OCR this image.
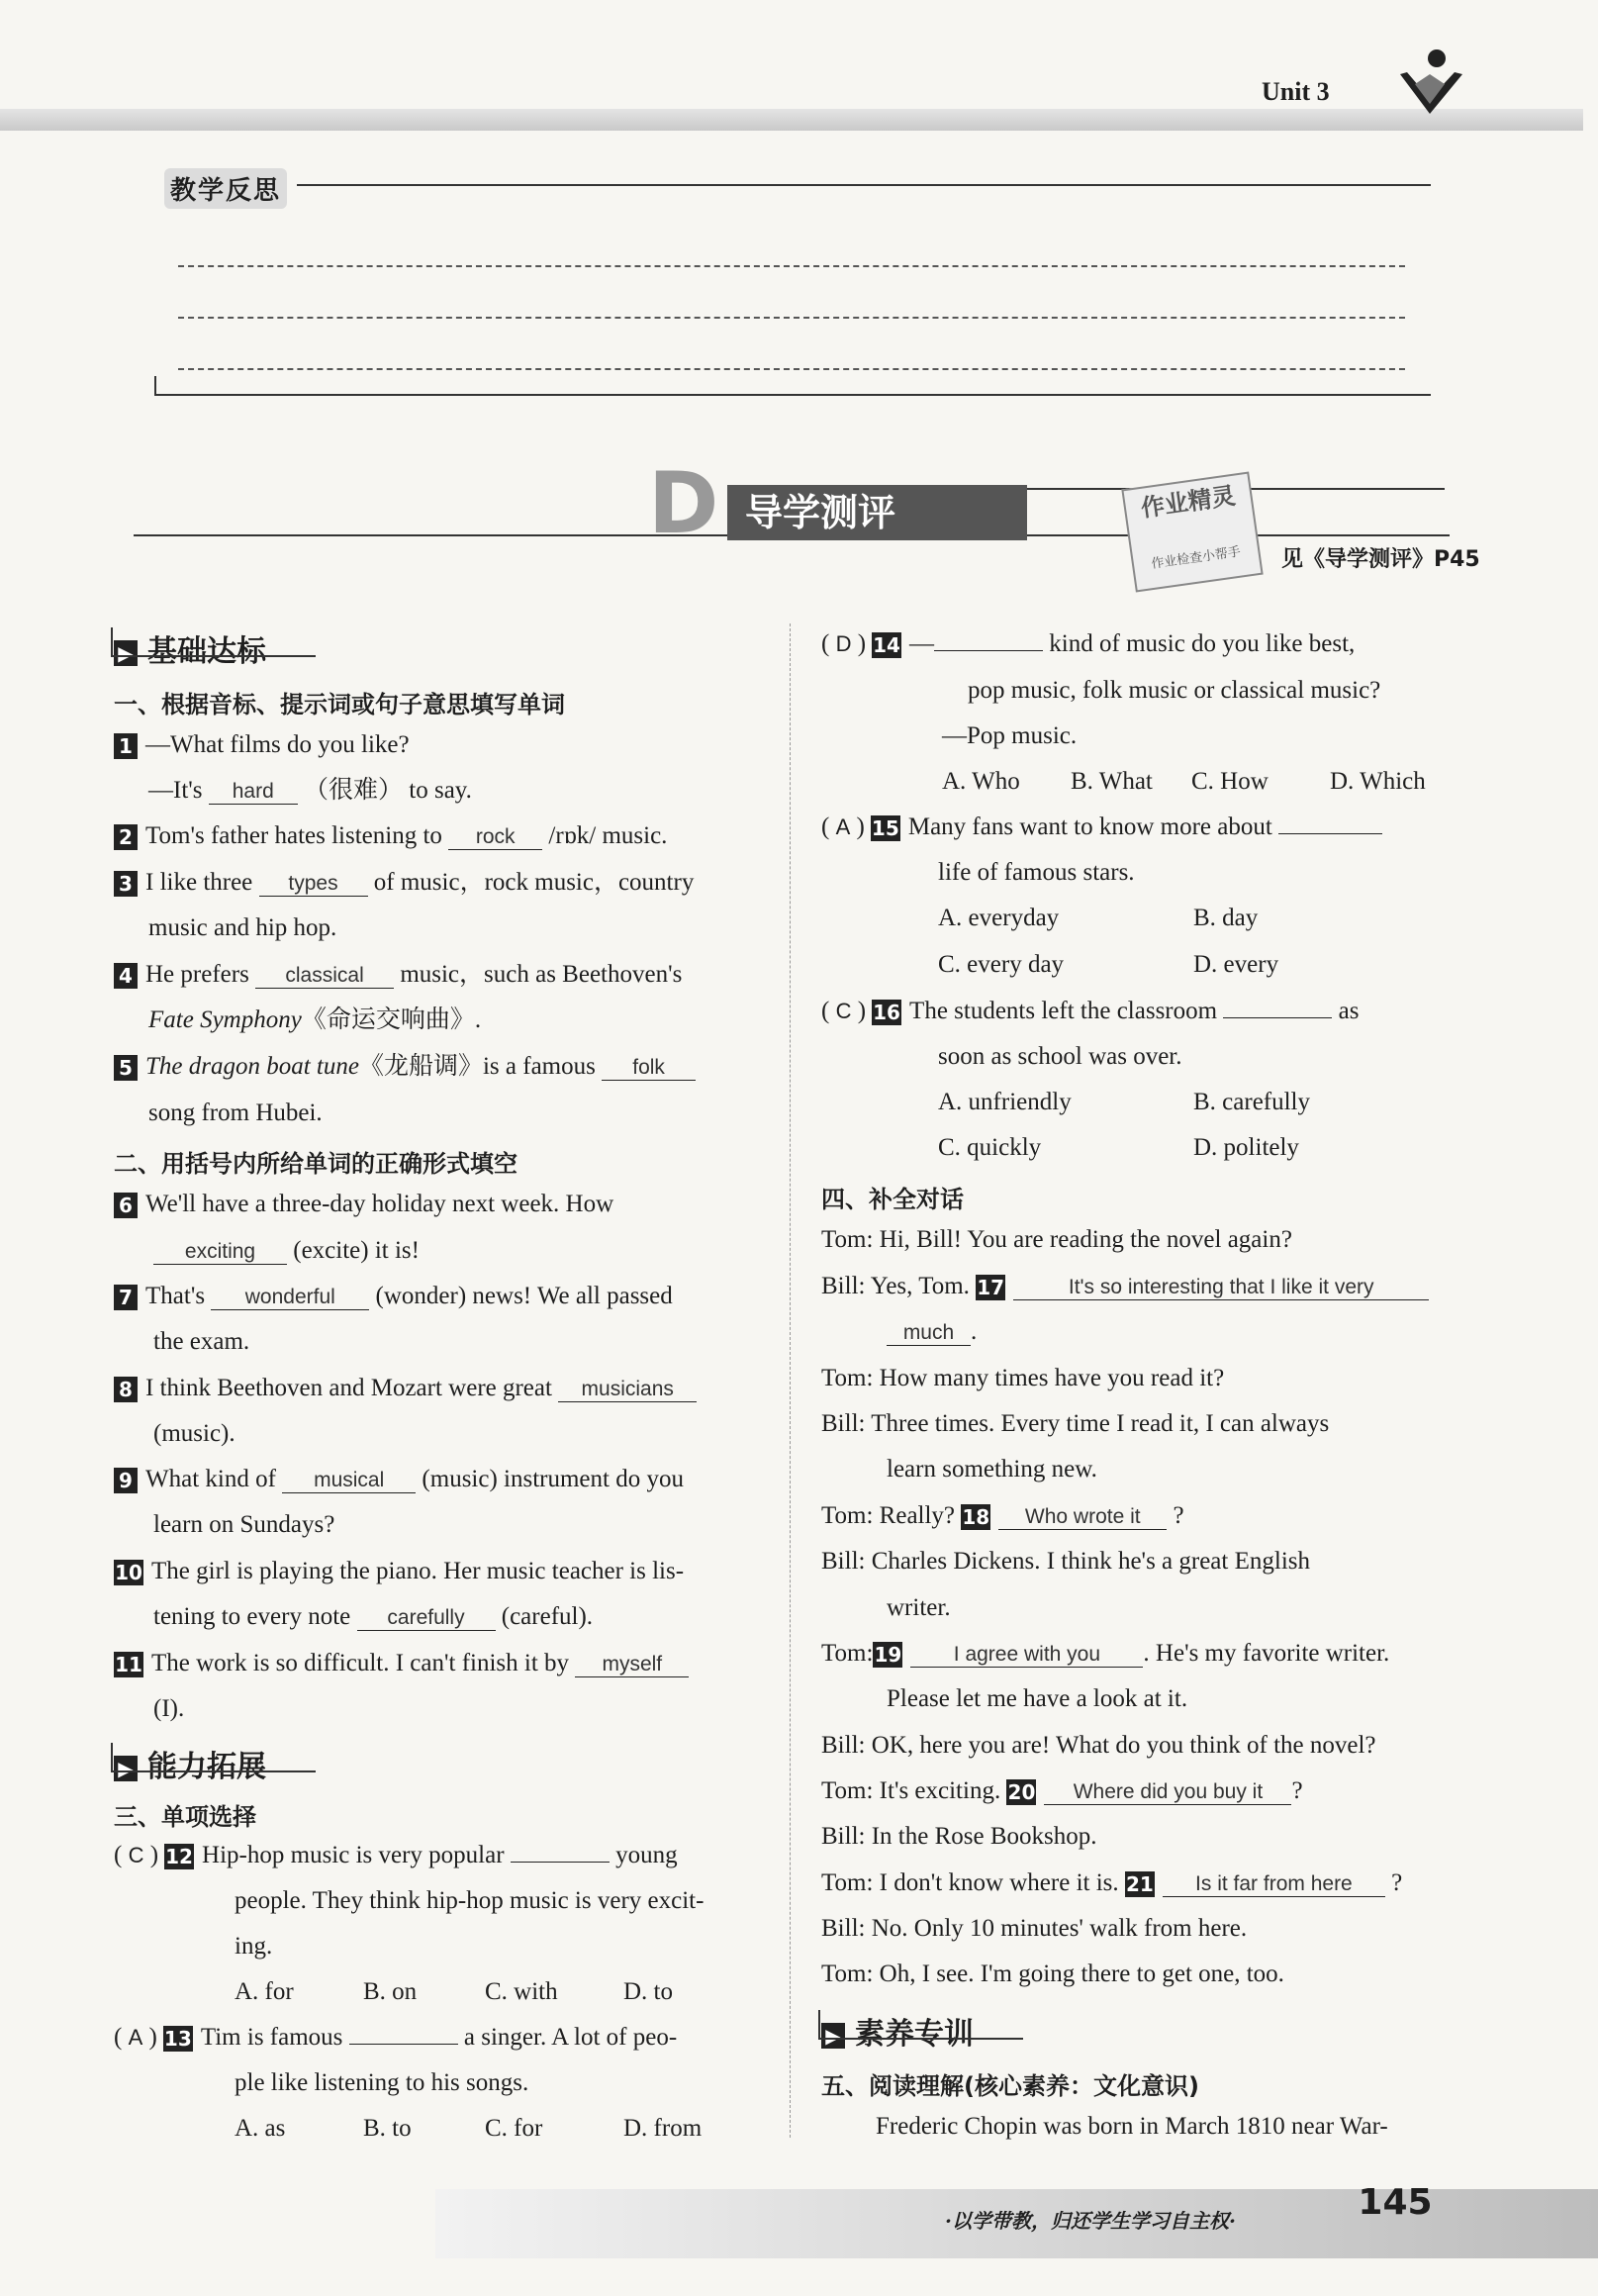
Unit 3
教学反思
D 导学测评	作业精灵
作业检查小帮手	见《导学测评》P45
▶ 基础达标
一、根据音标、提示词或句子意思填写单词
1 —What films do you like?
—It's hard （很难） to say.
2 Tom's father hates listening to rock /rɒk/ music.
3 I like three types of music，rock music，country
music and hip hop.
4 He prefers classical music，such as Beethoven's
Fate Symphony《命运交响曲》.
5 The dragon boat tune《龙船调》is a famous folk
song from Hubei.
二、用括号内所给单词的正确形式填空
6 We'll have a three-day holiday next week. How
exciting (excite) it is!
7 That's wonderful (wonder) news! We all passed
the exam.
8 I think Beethoven and Mozart were great musicians
(music).
9 What kind of musical (music) instrument do you
learn on Sundays?
10 The girl is playing the piano. Her music teacher is lis-
tening to every note carefully (careful).
11 The work is so difficult. I can't finish it by myself
(I).
▶ 能力拓展
三、单项选择
( C ) 12 Hip-hop music is very popular	young
people. They think hip-hop music is very excit-
ing.
A. for	B. on	C. with	D. to
( A ) 13 Tim is famous	a singer. A lot of peo-
ple like listening to his songs.
A. as	B. to	C. for	D. from
( D ) 14 —	kind of music do you like best,
pop music, folk music or classical music?
—Pop music.
A. Who B. What C. How D. Which
( A ) 15 Many fans want to know more about
life of famous stars.
A. everyday	B. day
C. every day	D. every
( C ) 16 The students left the classroom	as
soon as school was over.
A. unfriendly	B. carefully
C. quickly	D. politely
四、补全对话
Tom: Hi, Bill! You are reading the novel again?
Bill: Yes, Tom. 17	It's so interesting that I like it very
much .
Tom: How many times have you read it?
Bill: Three times. Every time I read it, I can always
learn something new.
Tom: Really? 18 Who wrote it ?
Bill: Charles Dickens. I think he's a great English
writer.
Tom:19 I agree with you . He's my favorite writer.
Please let me have a look at it.
Bill: OK, here you are! What do you think of the novel?
Tom: It's exciting. 20 Where did you buy it ?
Bill: In the Rose Bookshop.
Tom: I don't know where it is. 21 Is it far from here ?
Bill: No. Only 10 minutes' walk from here.
Tom: Oh, I see. I'm going there to get one, too.
▶ 素养专训
五、阅读理解(核心素养：文化意识)
Frederic Chopin was born in March 1810 near War-
·以学带教，归还学生学习自主权·	145
